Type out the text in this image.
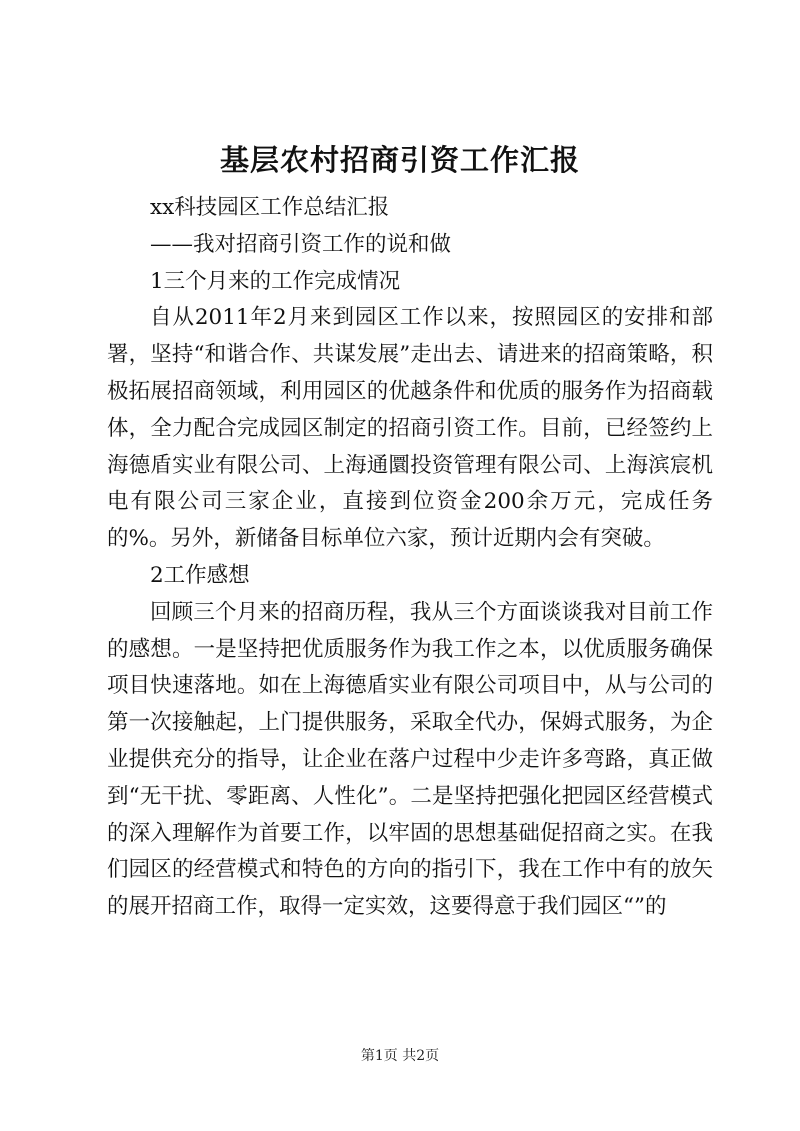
基层农村招商引资工作汇报

xx科技园区工作总结汇报

——我对招商引资工作的说和做

1三个月来的工作完成情况

自从2011年2月来到园区工作以来，按照园区的安排和部署，坚持“和谐合作、共谋发展”走出去、请进来的招商策略，积极拓展招商领域，利用园区的优越条件和优质的服务作为招商载体，全力配合完成园区制定的招商引资工作。目前，已经签约上海德盾实业有限公司、上海通圜投资管理有限公司、上海滨宸机电有限公司三家企业，直接到位资金200余万元，完成任务的%。另外，新储备目标单位六家，预计近期内会有突破。

2工作感想

回顾三个月来的招商历程，我从三个方面谈谈我对目前工作的感想。一是坚持把优质服务作为我工作之本，以优质服务确保项目快速落地。如在上海德盾实业有限公司项目中，从与公司的第一次接触起，上门提供服务，采取全代办，保姆式服务，为企业提供充分的指导，让企业在落户过程中少走许多弯路，真正做到“无干扰、零距离、人性化”。二是坚持把强化把园区经营模式的深入理解作为首要工作，以牢固的思想基础促招商之实。在我们园区的经营模式和特色的方向的指引下，我在工作中有的放矢的展开招商工作，取得一定实效，这要得意于我们园区“”的

第1页 共2页
